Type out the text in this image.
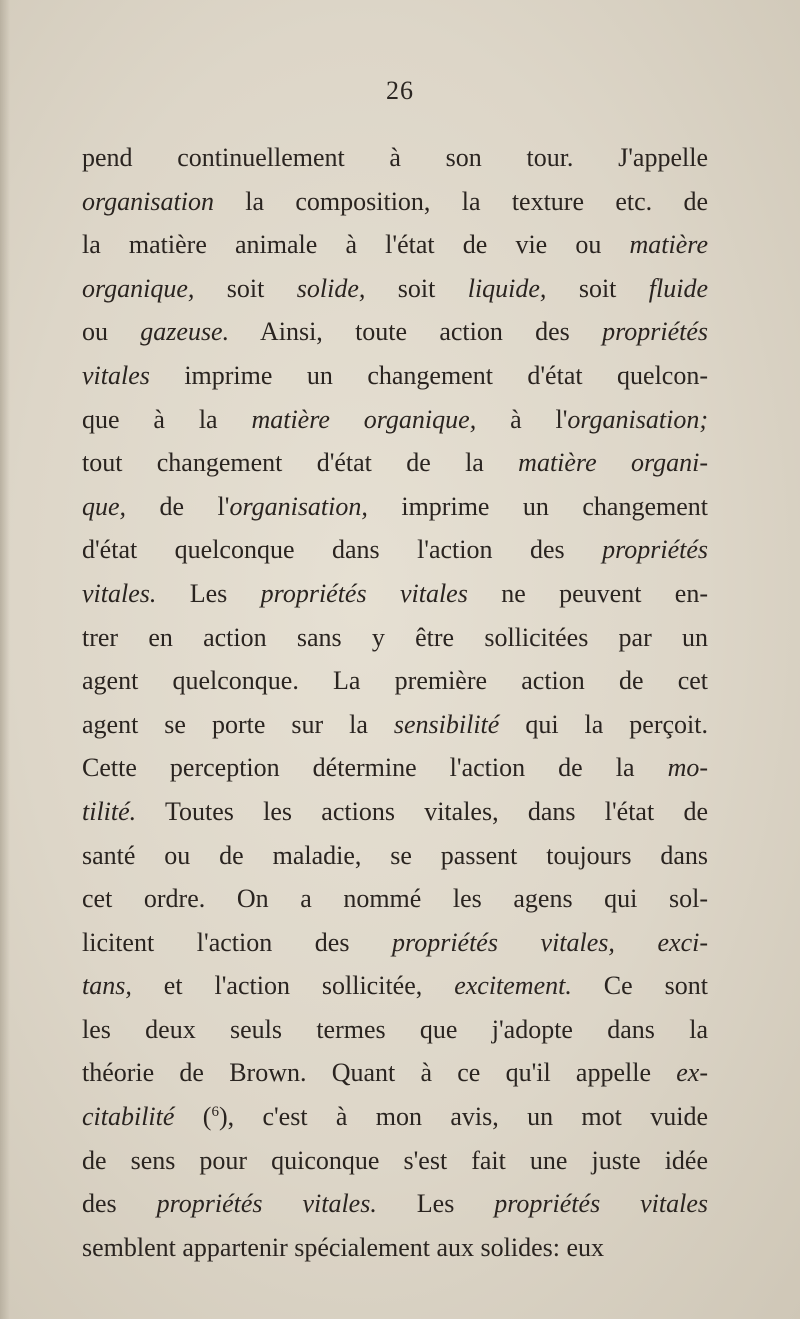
26
pend continuellement à son tour. J'appelle
organisation la composition, la texture etc. de
la matière animale à l'état de vie ou matière
organique, soit solide, soit liquide, soit fluide
ou gazeuse. Ainsi, toute action des propriétés
vitales imprime un changement d'état quelcon-
que à la matière organique, à l'organisation;
tout changement d'état de la matière organi-
que, de l'organisation, imprime un changement
d'état quelconque dans l'action des propriétés
vitales. Les propriétés vitales ne peuvent en-
trer en action sans y être sollicitées par un
agent quelconque. La première action de cet
agent se porte sur la sensibilité qui la perçoit.
Cette perception détermine l'action de la mo-
tilité. Toutes les actions vitales, dans l'état de
santé ou de maladie, se passent toujours dans
cet ordre. On a nommé les agens qui sol-
licitent l'action des propriétés vitales, exci-
tans, et l'action sollicitée, excitement. Ce sont
les deux seuls termes que j'adopte dans la
théorie de Brown. Quant à ce qu'il appelle ex-
citabilité ($^6$), c'est à mon avis, un mot vuide
de sens pour quiconque s'est fait une juste idée
des propriétés vitales. Les propriétés vitales
semblent appartenir spécialement aux solides: eux
